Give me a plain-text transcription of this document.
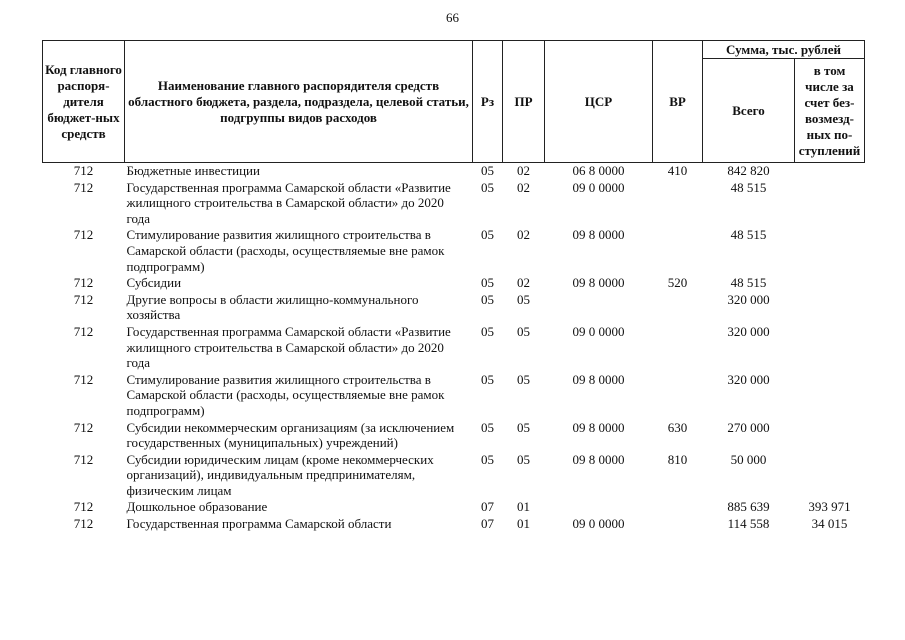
66
Код главного распоря-дителя бюджет-ных средств	Наименование главного распорядителя средств областного бюджета, раздела, подраздела, целевой статьи, подгруппы видов расходов	Рз	ПР	ЦСР	ВР	Сумма, тыс. рублей	
						Всего	в том числе за счет без-возмезд-ных по-ступлений
712	Бюджетные инвестиции	05	02	06 8 0000	410	842 820	
712	Государственная программа Самарской области «Развитие жилищного строительства в Самарской области» до 2020 года	05	02	09 0 0000		48 515	
712	Стимулирование развития жилищного строительства в Самарской области (расходы, осуществляемые вне рамок подпрограмм)	05	02	09 8 0000		48 515	
712	Субсидии	05	02	09 8 0000	520	48 515	
712	Другие вопросы в области жилищно-коммунального хозяйства	05	05			320 000	
712	Государственная программа Самарской области «Развитие жилищного строительства в Самарской области» до 2020 года	05	05	09 0 0000		320 000	
712	Стимулирование развития жилищного строительства в Самарской области (расходы, осуществляемые вне рамок подпрограмм)	05	05	09 8 0000		320 000	
712	Субсидии некоммерческим организациям (за исключением государственных (муниципальных) учреждений)	05	05	09 8 0000	630	270 000	
712	Субсидии юридическим лицам (кроме некоммерческих организаций), индивидуальным предпринимателям, физическим лицам	05	05	09 8 0000	810	50 000	
712	Дошкольное образование	07	01			885 639	393 971
712	Государственная программа Самарской области	07	01	09 0 0000		114 558	34 015
